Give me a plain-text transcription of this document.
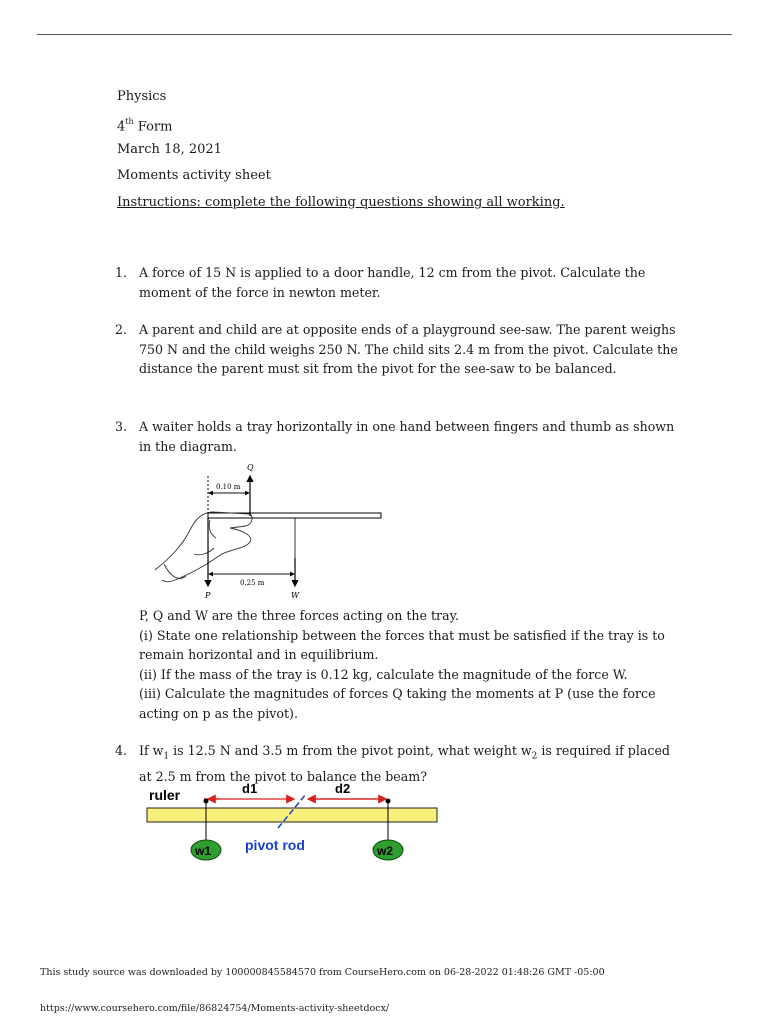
Physics
4th Form
March 18, 2021
Moments activity sheet
Instructions: complete the following questions showing all working.
1. A force of 15 N is applied to a door handle, 12 cm from the pivot. Calculate the moment of the force in newton meter.
2. A parent and child are at opposite ends of a playground see-saw. The parent weighs 750 N and the child weighs 250 N. The child sits 2.4 m from the pivot. Calculate the distance the parent must sit from the pivot for the see-saw to be balanced.
3. A waiter holds a tray horizontally in one hand between fingers and thumb as shown in the diagram.
Q
0.10 m
0.25 m
P	W
P, Q and W are the three forces acting on the tray.
(i) State one relationship between the forces that must be satisfied if the tray is to remain horizontal and in equilibrium.
(ii) If the mass of the tray is 0.12 kg, calculate the magnitude of the force W.
(iii) Calculate the magnitudes of forces Q taking the moments at P (use the force acting on p as the pivot).
4. If $w_1$ is 12.5 N and 3.5 m from the pivot point, what weight $w_2$ is required if placed at 2.5 m from the pivot to balance the beam?
ruler	d1	d2
pivot rod
w1	w2
This study source was downloaded by 100000845584570 from CourseHero.com on 06-28-2022 01:48:26 GMT -05:00
https://www.coursehero.com/file/86824754/Moments-activity-sheetdocx/
